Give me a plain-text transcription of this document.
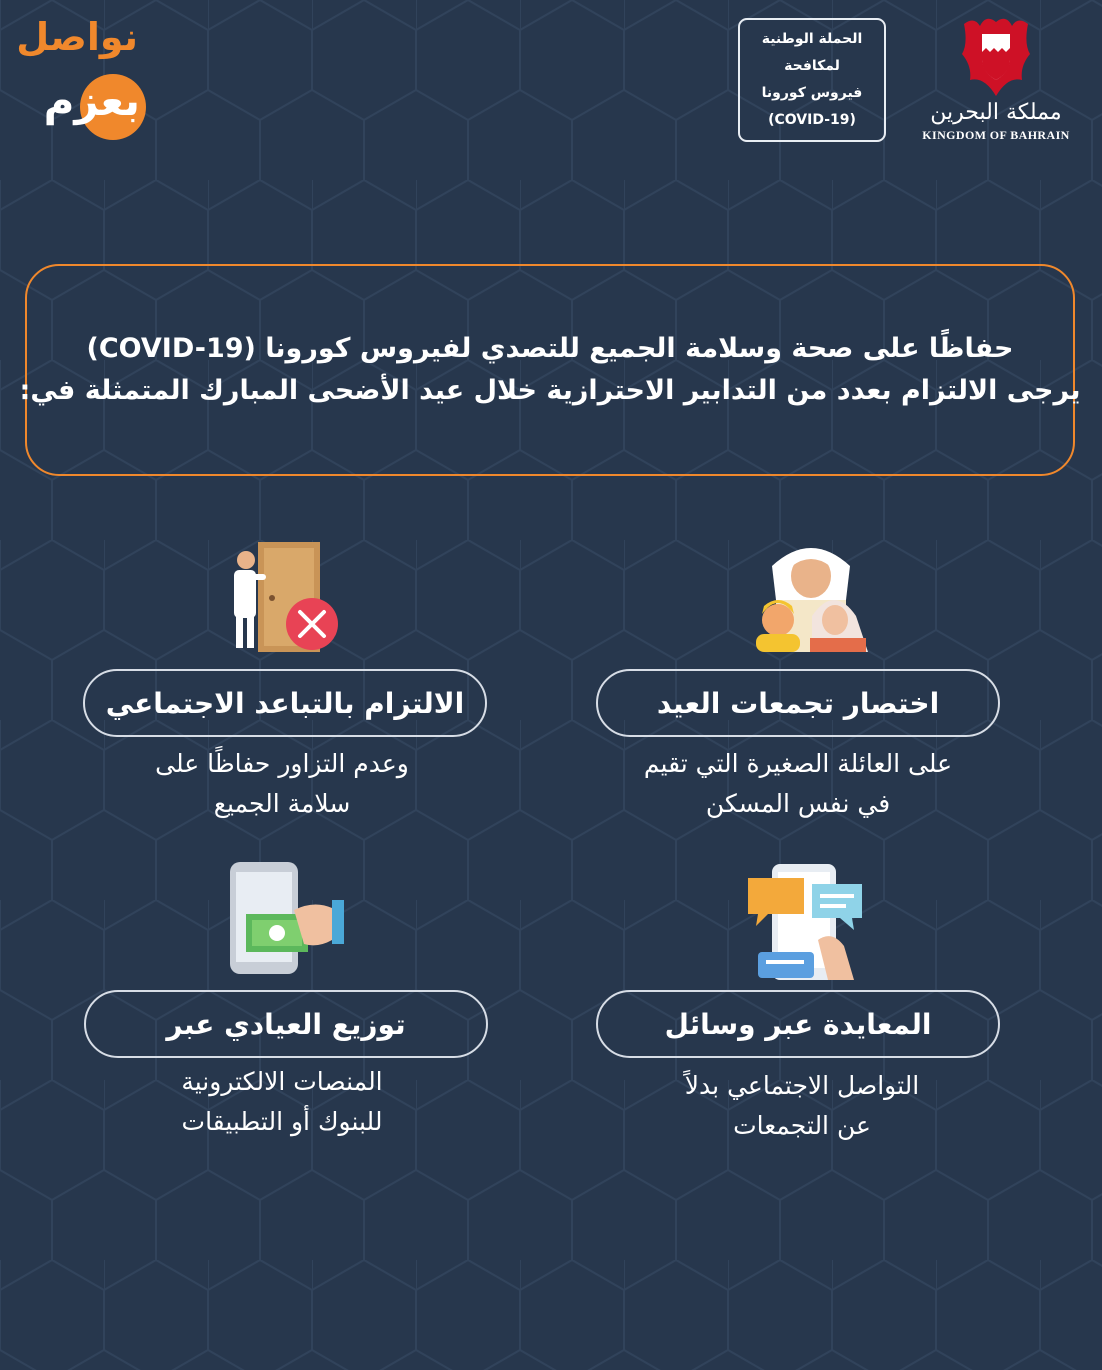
نواصل
بعزم
الحملة الوطنية
لمكافحة
فيروس كورونا
(COVID-19)	مملكة البحرين
KINGDOM OF BAHRAIN
حفاظًا على صحة وسلامة الجميع للتصدي لفيروس كورونا (COVID-19)
يرجى الالتزام بعدد من التدابير الاحترازية خلال عيد الأضحى المبارك المتمثلة في:
اختصار تجمعات العيد
على العائلة الصغيرة التي تقيم
في نفس المسكن
الالتزام بالتباعد الاجتماعي
وعدم التزاور حفاظًا على
سلامة الجميع
المعايدة عبر وسائل
التواصل الاجتماعي بدلاً
عن التجمعات
توزيع العيادي عبر
المنصات الالكترونية
للبنوك أو التطبيقات
